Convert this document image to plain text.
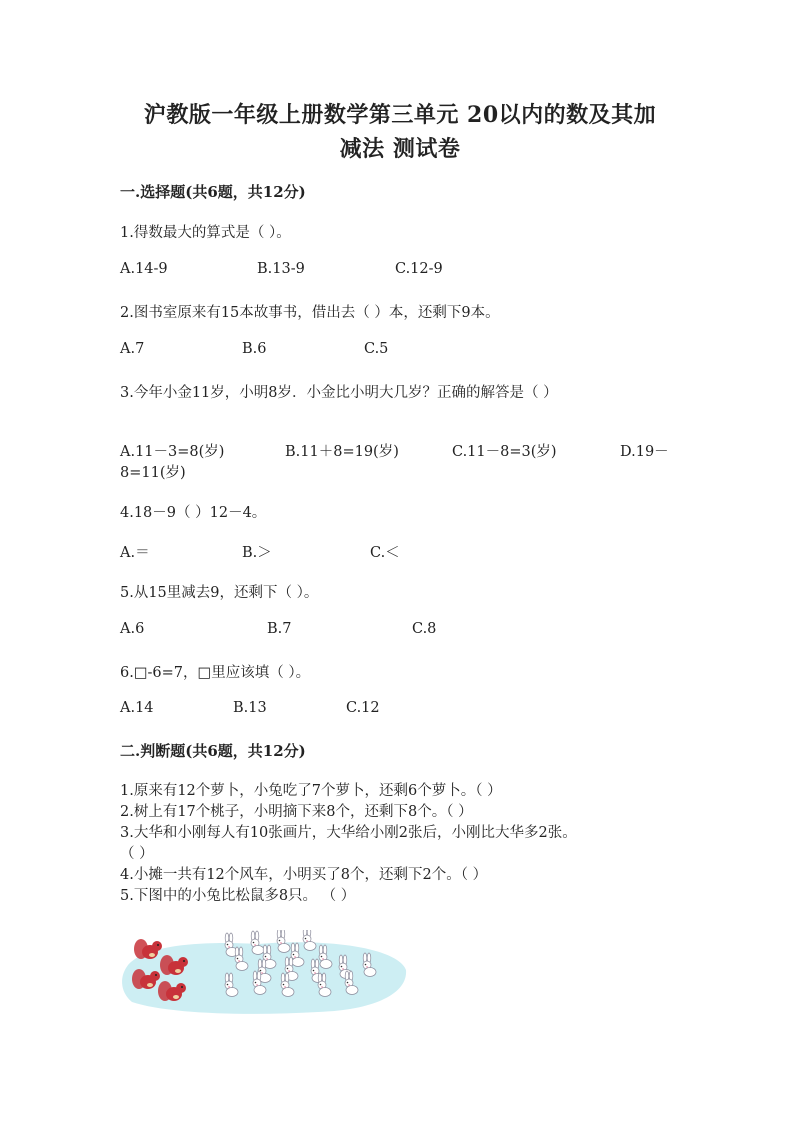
沪教版一年级上册数学第三单元 20以内的数及其加
减法 测试卷
一.选择题(共6题，共12分)
1.得数最大的算式是（ ）。
A.14-9	B.13-9	C.12-9
2.图书室原来有15本故事书，借出去（ ）本，还剩下9本。
A.7	B.6	C.5
3.今年小金11岁，小明8岁．小金比小明大几岁？正确的解答是（ ）
A.11－3=8(岁)	B.11＋8=19(岁)	C.11－8=3(岁)	D.19－
8=11(岁)
4.18－9（ ）12－4。
A.＝	B.＞	C.＜
5.从15里减去9，还剩下（ ）。
A.6	B.7	C.8
6.□-6=7，□里应该填（ ）。
A.14	B.13	C.12
二.判断题(共6题，共12分)
1.原来有12个萝卜，小兔吃了7个萝卜，还剩6个萝卜。（ ）
2.树上有17个桃子，小明摘下来8个，还剩下8个。（ ）
3.大华和小刚每人有10张画片，大华给小刚2张后，小刚比大华多2张。
（ ）
4.小摊一共有12个风车，小明买了8个，还剩下2个。（ ）
5.下图中的小兔比松鼠多8只。 （ ）
